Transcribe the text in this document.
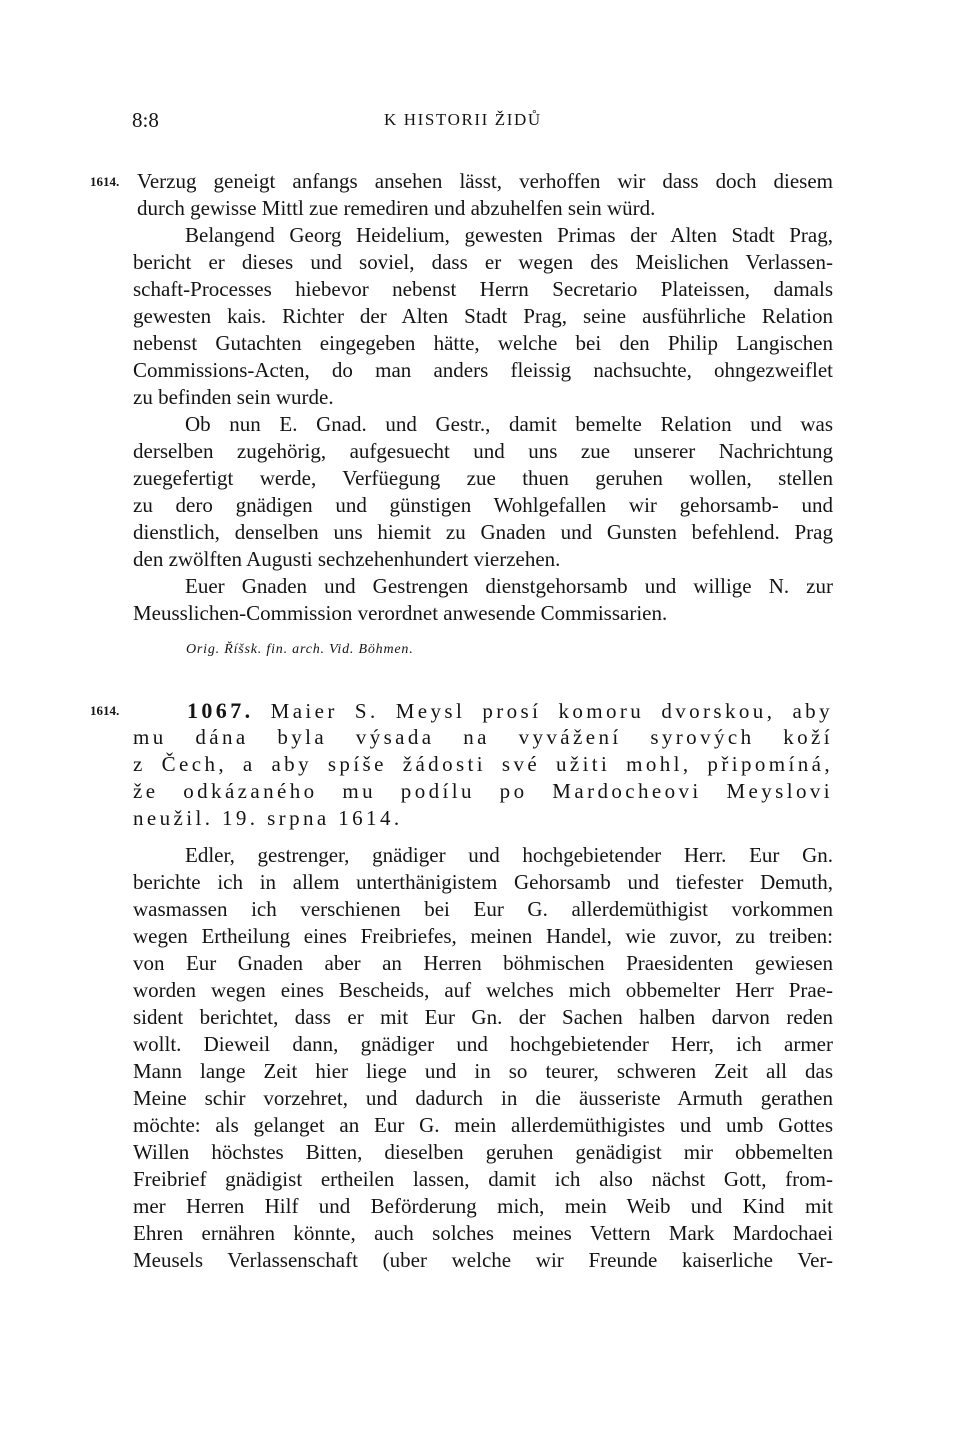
8:8	K HISTORII ŽIDŮ
1614. Verzug geneigt anfangs ansehen lässt, verhoffen wir dass doch diesem
durch gewisse Mittl zue remediren und abzuhelfen sein würd.
Belangend Georg Heidelium, gewesten Primas der Alten Stadt Prag,
bericht er dieses und soviel, dass er wegen des Meislichen Verlassen-
schaft-Processes hiebevor nebenst Herrn Secretario Plateissen, damals
gewesten kais. Richter der Alten Stadt Prag, seine ausführliche Relation
nebenst Gutachten eingegeben hätte, welche bei den Philip Langischen
Commissions-Acten, do man anders fleissig nachsuchte, ohngezweiflet
zu befinden sein wurde.
Ob nun E. Gnad. und Gestr., damit bemelte Relation und was
derselben zugehörig, aufgesuecht und uns zue unserer Nachrichtung
zuegefertigt werde, Verfüegung zue thuen geruhen wollen, stellen
zu dero gnädigen und günstigen Wohlgefallen wir gehorsamb- und
dienstlich, denselben uns hiemit zu Gnaden und Gunsten befehlend. Prag
den zwölften Augusti sechzehenhundert vierzehen.
Euer Gnaden und Gestrengen dienstgehorsamb und willige N. zur
Meusslichen-Commission verordnet anwesende Commissarien.
Orig. Říšsk. fin. arch. Vid. Böhmen.
1614.	1067. Maier S. Meysl prosí komoru dvorskou, aby
mu dána byla výsada na vyvážení syrových koží
z Čech, a aby spíše žádosti své užiti mohl, připomíná,
že odkázaného mu podílu po Mardocheovi Meyslovi
neužil. 19. srpna 1614.
Edler, gestrenger, gnädiger und hochgebietender Herr. Eur Gn.
berichte ich in allem unterthänigistem Gehorsamb und tiefester Demuth,
wasmassen ich verschienen bei Eur G. allerdemüthigist vorkommen
wegen Ertheilung eines Freibriefes, meinen Handel, wie zuvor, zu treiben:
von Eur Gnaden aber an Herren böhmischen Praesidenten gewiesen
worden wegen eines Bescheids, auf welches mich obbemelter Herr Prae-
sident berichtet, dass er mit Eur Gn. der Sachen halben darvon reden
wollt. Dieweil dann, gnädiger und hochgebietender Herr, ich armer
Mann lange Zeit hier liege und in so teurer, schweren Zeit all das
Meine schir vorzehret, und dadurch in die äusseriste Armuth gerathen
möchte: als gelanget an Eur G. mein allerdemüthigistes und umb Gottes
Willen höchstes Bitten, dieselben geruhen genädigist mir obbemelten
Freibrief gnädigist ertheilen lassen, damit ich also nächst Gott, from-
mer Herren Hilf und Beförderung mich, mein Weib und Kind mit
Ehren ernähren könnte, auch solches meines Vettern Mark Mardochaei
Meusels Verlassenschaft (uber welche wir Freunde kaiserliche Ver-
